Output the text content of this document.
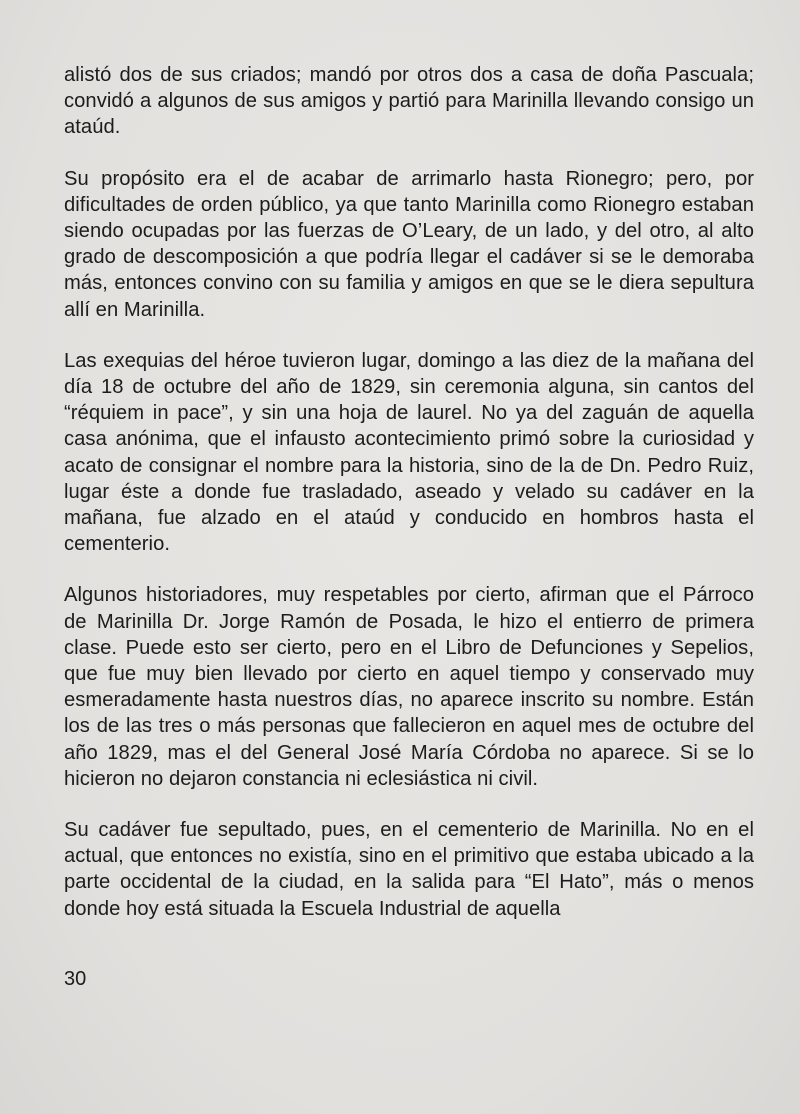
alistó dos de sus criados; mandó por otros dos a casa de doña Pascuala; convidó a algunos de sus amigos y partió para Marinilla llevando consigo un ataúd.

Su propósito era el de acabar de arrimarlo hasta Rionegro; pero, por dificultades de orden público, ya que tanto Marinilla como Rionegro estaban siendo ocupadas por las fuerzas de O’Leary, de un lado, y del otro, al alto grado de descomposición a que podría llegar el cadáver si se le demoraba más, entonces convino con su familia y amigos en que se le diera sepultura allí en Marinilla.

Las exequias del héroe tuvieron lugar, domingo a las diez de la mañana del día 18 de octubre del año de 1829, sin ceremonia alguna, sin cantos del “réquiem in pace”, y sin una hoja de laurel. No ya del zaguán de aquella casa anónima, que el infausto acontecimiento primó sobre la curiosidad y acato de consignar el nombre para la historia, sino de la de Dn. Pedro Ruiz, lugar éste a donde fue trasladado, aseado y velado su cadáver en la mañana, fue alzado en el ataúd y conducido en hombros hasta el cementerio.

Algunos historiadores, muy respetables por cierto, afirman que el Párroco de Marinilla Dr. Jorge Ramón de Posada, le hizo el entierro de primera clase. Puede esto ser cierto, pero en el Libro de Defunciones y Sepelios, que fue muy bien llevado por cierto en aquel tiempo y conservado muy esmeradamente hasta nuestros días, no aparece inscrito su nombre. Están los de las tres o más personas que fallecieron en aquel mes de octubre del año 1829, mas el del General José María Córdoba no aparece. Si se lo hicieron no dejaron constancia ni eclesiástica ni civil.

Su cadáver fue sepultado, pues, en el cementerio de Marinilla. No en el actual, que entonces no existía, sino en el primitivo que estaba ubicado a la parte occidental de la ciudad, en la salida para “El Hato”, más o menos donde hoy está situada la Escuela Industrial de aquella

30
